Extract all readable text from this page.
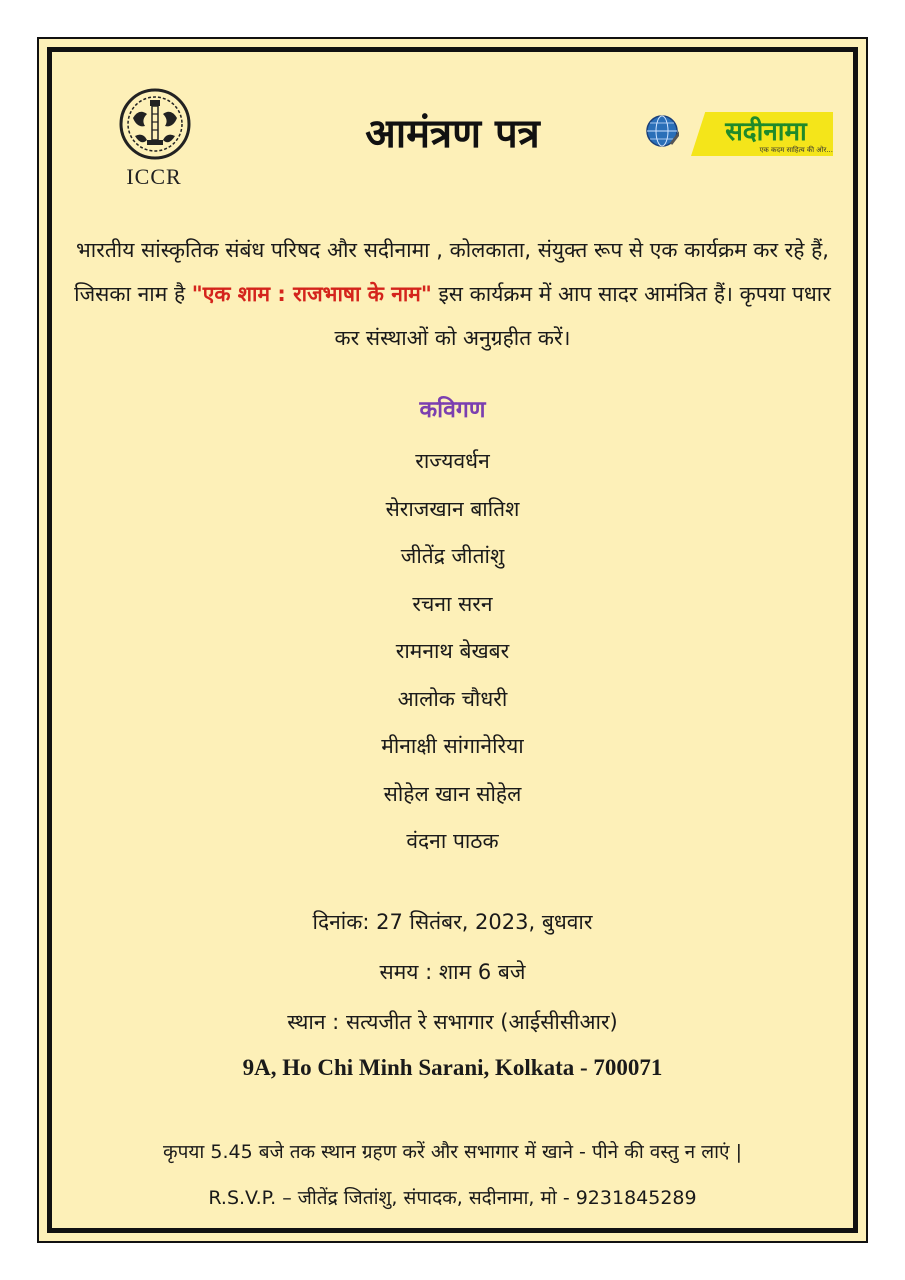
ICCR
आमंत्रण पत्र	सदीनामा
एक कदम साहित्य की ओर...
भारतीय सांस्कृतिक संबंध परिषद और सदीनामा , कोलकाता, संयुक्त रूप से एक कार्यक्रम कर रहे हैं, जिसका नाम है "एक शाम : राजभाषा के नाम" इस कार्यक्रम में आप सादर आमंत्रित हैं। कृपया पधार कर संस्थाओं को अनुग्रहीत करें।
कविगण
राज्यवर्धन
सेराजखान बातिश
जीतेंद्र जीतांशु
रचना सरन
रामनाथ बेखबर
आलोक चौधरी
मीनाक्षी सांगानेरिया
सोहेल खान सोहेल
वंदना पाठक
दिनांक: 27 सितंबर, 2023, बुधवार
समय : शाम 6 बजे
स्थान : सत्यजीत रे सभागार (आईसीसीआर)
9A, Ho Chi Minh Sarani, Kolkata - 700071
कृपया 5.45 बजे तक स्थान ग्रहण करें और सभागार में खाने - पीने की वस्तु न लाएं |
R.S.V.P. – जीतेंद्र जितांशु, संपादक, सदीनामा, मो - 9231845289
